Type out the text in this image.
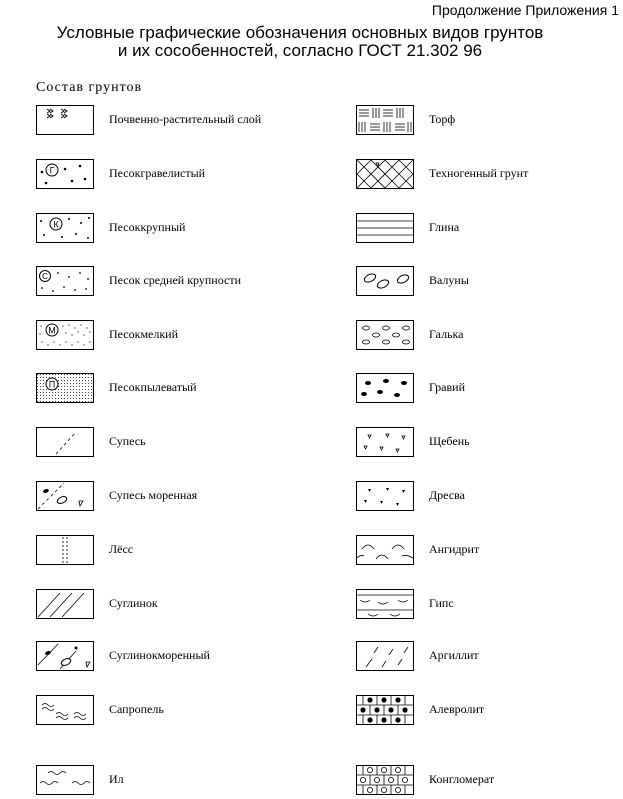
Продолжение Приложения 1
Условные графические обозначения основных видов грунтов
и их сособенностей, согласно ГОСТ 21.302 96
Состав грунтов
Почвенно-растительный слой
Г	Песокгравелистый
К	Песоккрупный
С	Песок средней крупности
М	Песокмелкий
П	Песокпылеватый
Супесь
Супесь моренная
Лёсс
Суглинок
Суглинокморенный
Сапропель
Ил
Торф
Техногенный грунт
Глина
Валуны
Галька
Гравий
Щебень
Дресва
Ангидрит
Гипс
Аргиллит
Алевролит
Конгломерат
